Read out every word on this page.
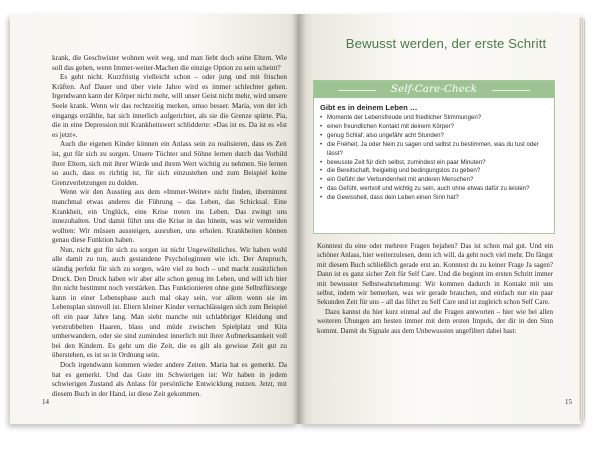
krank, die Geschwister wohnen weit weg, und man liebt doch seine Eltern. Wie soll das gehen, wenn Immer-weiter-Machen die einzige Option zu sein scheint?

Es geht nicht. Kurzfristig vielleicht schon – oder jung und mit frischen Kräften. Auf Dauer und über viele Jahre wird es immer schlechter gehen. Irgendwann kann der Körper nicht mehr, will unser Geist nicht mehr, wird unsere Seele krank. Wenn wir das rechtzeitig merken, umso besser. Maria, von der ich eingangs erzählte, hat sich innerlich aufgerichtet, als sie die Grenze spürte. Pia, die in eine Depression mit Krankheitswert schlidderte: »Das ist es. Da ist es »Ist es jetzt«.

Auch die eigenen Kinder können ein Anlass sein zu realisieren, dass es Zeit ist, gut für sich zu sorgen. Unsere Töchter und Söhne lernen durch das Vorbild ihrer Eltern, sich mit ihrer Würde und ihrem Wert wichtig zu nehmen. Sie lernen so auch, dass es richtig ist, für sich einzustehen und zum Beispiel keine Grenzverletzungen zu dulden.

Wenn wir den Ausstieg aus dem »Immer-Weiter« nicht finden, übernimmt manchmal etwas anderes die Führung – das Leben, das Schicksal. Eine Krankheit, ein Unglück, eine Krise treten ins Leben. Das zwingt uns innezuhalten. Und damit führt uns die Krise in das hinein, was wir vermeiden wollten: Wir müssen aussteigen, ausruhen, uns erholen. Krankheiten können genau diese Funktion haben.

Nun, nicht gut für sich zu sorgen ist nicht Ungewöhnliches. Wir haben wohl alle damit zu tun, auch gestandene Psychologinnen wie ich. Der Anspruch, ständig perfekt für sich zu sorgen, wäre viel zu hoch – und macht zusätzlichen Druck. Den Druck haben wir aber alle schon genug im Leben, und will ich hier ihn nicht bestimmt noch verstärken. Das Funktionieren ohne gute Selbstfürsorge kann in einer Lebensphase auch mal okay sein, vor allem wenn sie im Lebensplan sinnvoll ist. Eltern kleiner Kinder vernachlässigen sich zum Beispiel oft ein paar Jahre lang. Man sieht manche mit schlabbriger Kleidung und verstrubbelten Haaren, blass und müde zwischen Spielplatz und Kita umherwandern, oder sie sind zumindest innerlich mit ihrer Aufmerksamkeit voll bei den Kindern. Es geht um die Zeit, die es gilt als gewisse Zeit gut zu überstehen, es ist so in Ordnung sein.

Doch irgendwann kommen wieder andere Zeiten. Maria hat es gemerkt. Da hat es gemerkt. Und das Gute im Schwierigen ist: Wir haben in jedem schwierigen Zustand als Anlass für persönliche Entwicklung nutzen. Jetzt, mit diesem Buch in der Hand, ist diese Zeit gekommen.

14
Bewusst werden, der erste Schritt
Self-Care-Check
Gibt es in deinem Leben …
• Momente der Lebensfreude und friedlicher Stimmungen?
• einen freundlichen Kontakt mit deinem Körper?
• genug Schlaf, also ungefähr acht Stunden?
• die Freiheit, Ja oder Nein zu sagen und selbst zu bestimmen, was du tust oder lässt?
• bewusste Zeit für dich selbst, zumindest ein paar Minuten?
• die Bereitschaft, freigiebig und bedingungslos zu geben?
• ein Gefühl der Verbundenheit mit anderen Menschen?
• das Gefühl, wertvoll und wichtig zu sein, auch ohne etwas dafür zu leisten?
• die Gewissheit, dass dein Leben einen Sinn hat?

Konntest du eine oder mehrere Fragen bejahen? Das ist schon mal gut. Und ein schöner Anlass, hier weiterzulesen, denn ich will, da geht noch viel mehr. Du fängst mit diesem Buch schließlich gerade erst an. Konntest du zu keiner Frage Ja sagen? Dann ist es ganz sicher Zeit für Self Care. Und die beginnt im ersten Schritt immer mit bewusster Selbstwahrnehmung: Wir kommen dadurch in Kontakt mit uns selbst, indem wir bemerken, was wir gerade brauchen, und einfach nur ein paar Sekunden Zeit für uns – all das führt zu Self Care und ist zugleich schon Self Care.

Dazu kannst du hier kurz einmal auf die Fragen antworten – hier wie bei allen weiteren Übungen am besten immer mit dem ersten Impuls, der dir in den Sinn kommt. Damit du Signale aus dem Unbewussten ungefiltert dabei hast:

15
